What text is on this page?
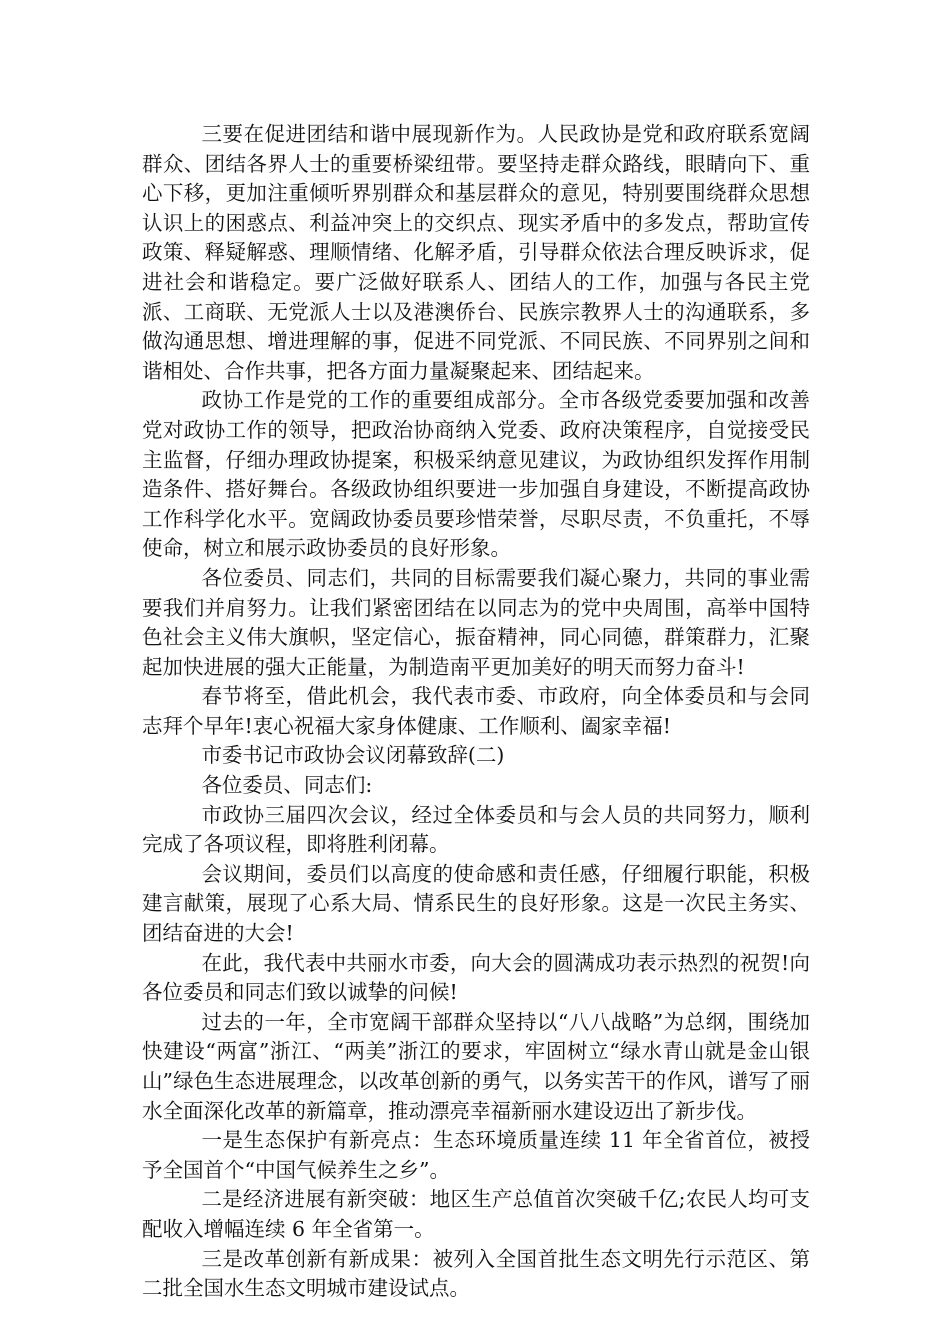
三要在促进团结和谐中展现新作为。人民政协是党和政府联系宽阔群众、团结各界人士的重要桥梁纽带。要坚持走群众路线，眼睛向下、重心下移，更加注重倾听界别群众和基层群众的意见，特别要围绕群众思想认识上的困惑点、利益冲突上的交织点、现实矛盾中的多发点，帮助宣传政策、释疑解惑、理顺情绪、化解矛盾，引导群众依法合理反映诉求，促进社会和谐稳定。要广泛做好联系人、团结人的工作，加强与各民主党派、工商联、无党派人士以及港澳侨台、民族宗教界人士的沟通联系，多做沟通思想、增进理解的事，促进不同党派、不同民族、不同界别之间和谐相处、合作共事，把各方面力量凝聚起来、团结起来。

政协工作是党的工作的重要组成部分。全市各级党委要加强和改善党对政协工作的领导，把政治协商纳入党委、政府决策程序，自觉接受民主监督，仔细办理政协提案，积极采纳意见建议，为政协组织发挥作用制造条件、搭好舞台。各级政协组织要进一步加强自身建设，不断提高政协工作科学化水平。宽阔政协委员要珍惜荣誉，尽职尽责，不负重托，不辱使命，树立和展示政协委员的良好形象。

各位委员、同志们，共同的目标需要我们凝心聚力，共同的事业需要我们并肩努力。让我们紧密团结在以同志为的党中央周围，高举中国特色社会主义伟大旗帜，坚定信心，振奋精神，同心同德，群策群力，汇聚起加快进展的强大正能量，为制造南平更加美好的明天而努力奋斗!

春节将至，借此机会，我代表市委、市政府，向全体委员和与会同志拜个早年!衷心祝福大家身体健康、工作顺利、阖家幸福!

市委书记市政协会议闭幕致辞(二)

各位委员、同志们:

市政协三届四次会议，经过全体委员和与会人员的共同努力，顺利完成了各项议程，即将胜利闭幕。

会议期间，委员们以高度的使命感和责任感，仔细履行职能，积极建言献策，展现了心系大局、情系民生的良好形象。这是一次民主务实、团结奋进的大会!

在此，我代表中共丽水市委，向大会的圆满成功表示热烈的祝贺!向各位委员和同志们致以诚挚的问候!

过去的一年，全市宽阔干部群众坚持以“八八战略”为总纲，围绕加快建设“两富”浙江、“两美”浙江的要求，牢固树立“绿水青山就是金山银山”绿色生态进展理念，以改革创新的勇气，以务实苦干的作风，谱写了丽水全面深化改革的新篇章，推动漂亮幸福新丽水建设迈出了新步伐。

一是生态保护有新亮点：生态环境质量连续 11 年全省首位，被授予全国首个“中国气候养生之乡”。

二是经济进展有新突破：地区生产总值首次突破千亿;农民人均可支配收入增幅连续 6 年全省第一。

三是改革创新有新成果：被列入全国首批生态文明先行示范区、第二批全国水生态文明城市建设试点。
